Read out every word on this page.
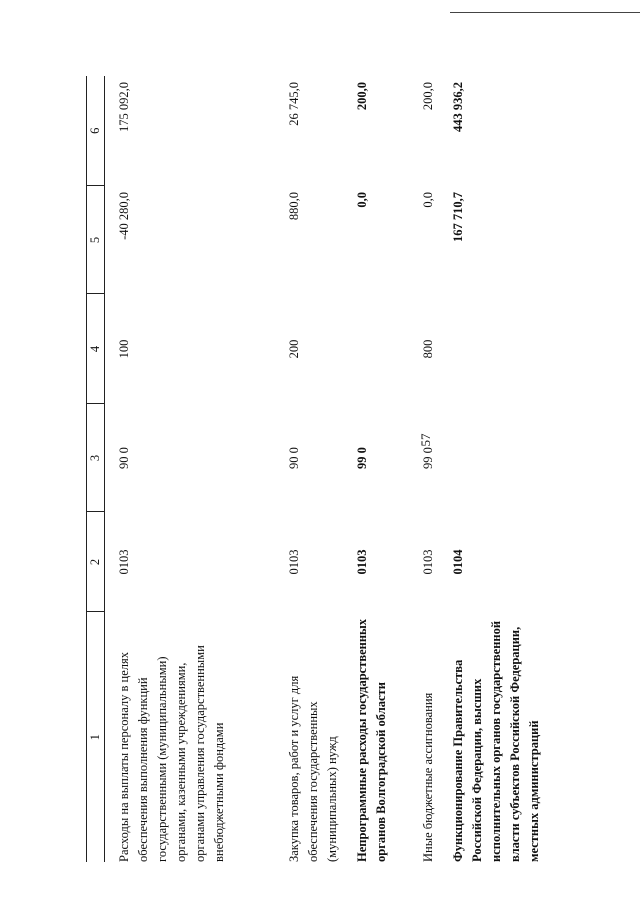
57
1	2	3	4	5	6
Расходы на выплаты персоналу в целях обеспечения выполнения функций государственными (муниципальными) органами, казенными учреждениями, органами управления государственными внебюджетными фондами	0103	90 0	100	-40 280,0	175 092,0
Закупка товаров, работ и услуг для обеспечения государственных (муниципальных) нужд	0103	90 0	200	880,0	26 745,0
Непрограммные расходы государственных органов Волгоградской области	0103	99 0		0,0	200,0
Иные бюджетные ассигнования	0103	99 0	800	0,0	200,0
Функционирование Правительства Российской Федерации, высших исполнительных органов государственной власти субъектов Российской Федерации, местных администраций	0104			167 710,7	443 936,2
